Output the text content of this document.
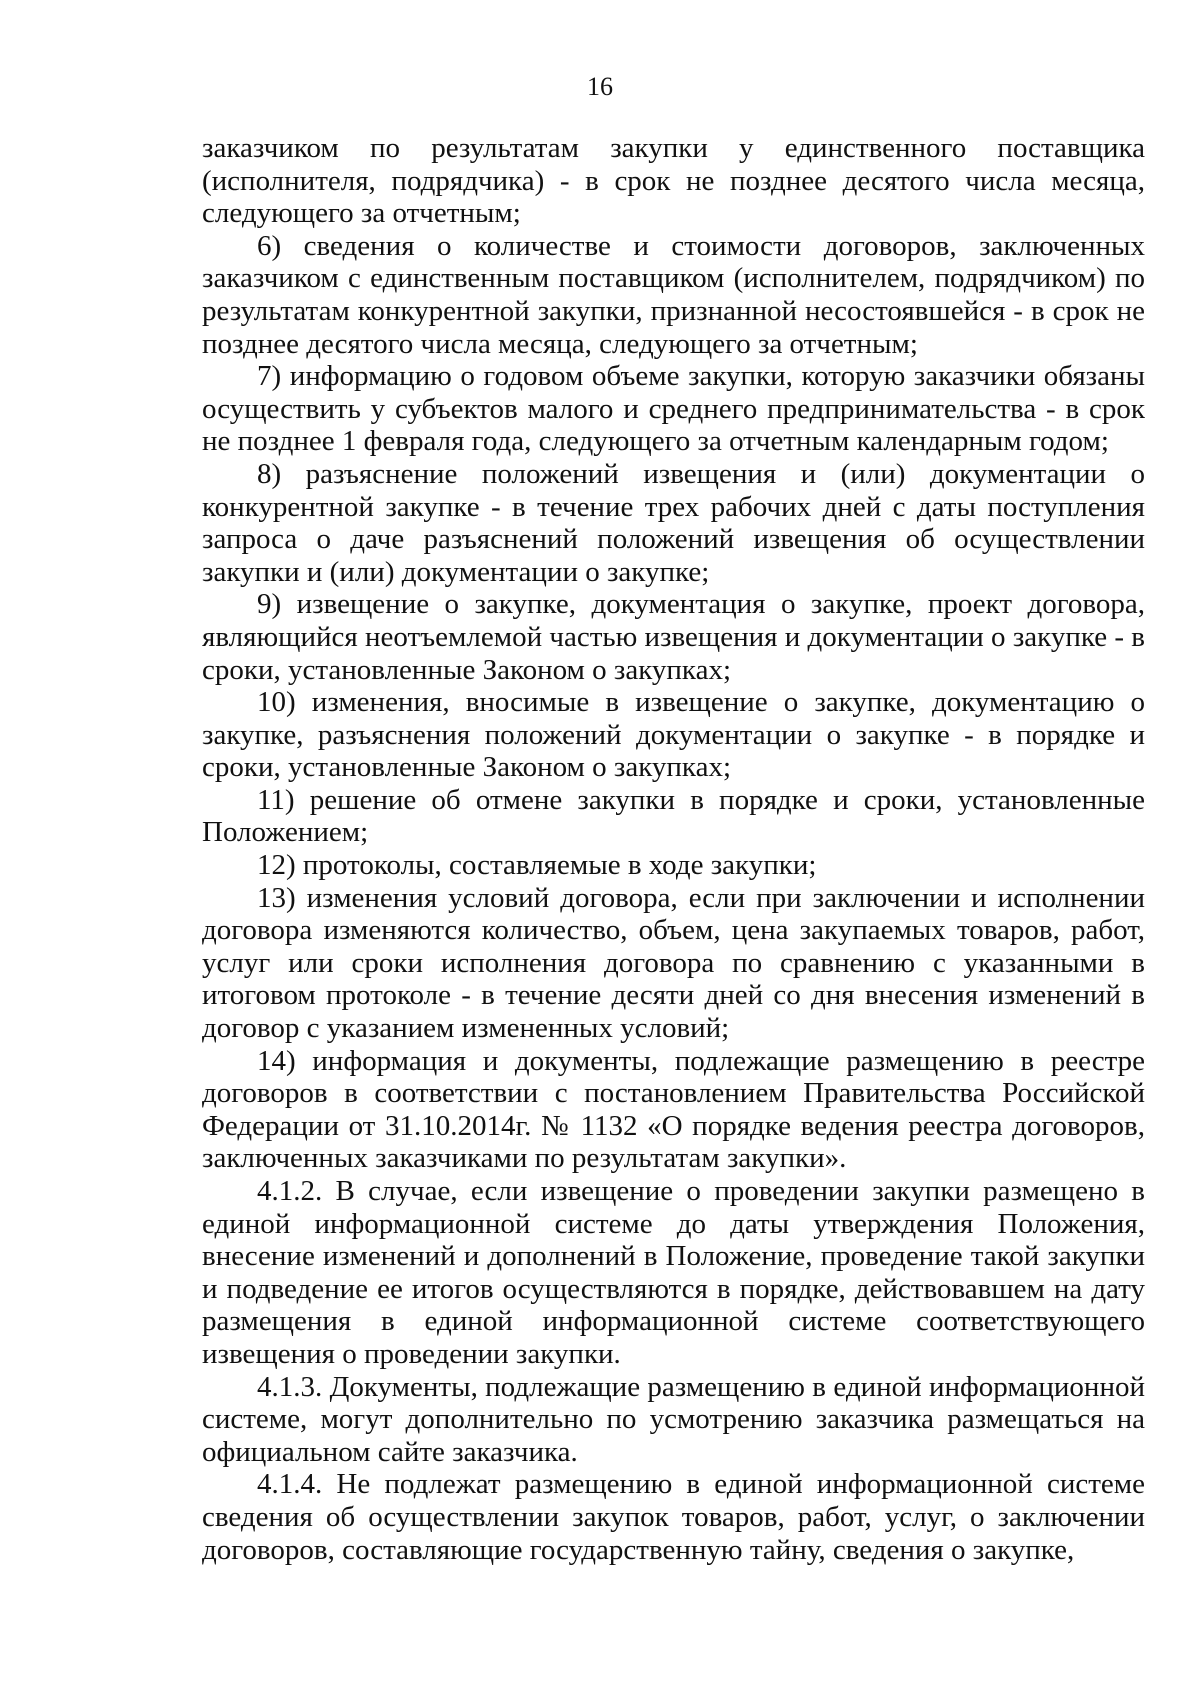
16

заказчиком по результатам закупки у единственного поставщика (исполнителя, подрядчика) - в срок не позднее десятого числа месяца, следующего за отчетным;

6) сведения о количестве и стоимости договоров, заключенных заказчиком с единственным поставщиком (исполнителем, подрядчиком) по результатам конкурентной закупки, признанной несостоявшейся - в срок не позднее десятого числа месяца, следующего за отчетным;

7) информацию о годовом объеме закупки, которую заказчики обязаны осуществить у субъектов малого и среднего предпринимательства - в срок не позднее 1 февраля года, следующего за отчетным календарным годом;

8) разъяснение положений извещения и (или) документации о конкурентной закупке - в течение трех рабочих дней с даты поступления запроса о даче разъяснений положений извещения об осуществлении закупки и (или) документации о закупке;

9) извещение о закупке, документация о закупке, проект договора, являющийся неотъемлемой частью извещения и документации о закупке - в сроки, установленные Законом о закупках;

10) изменения, вносимые в извещение о закупке, документацию о закупке, разъяснения положений документации о закупке - в порядке и сроки, установленные Законом о закупках;

11) решение об отмене закупки в порядке и сроки, установленные Положением;

12) протоколы, составляемые в ходе закупки;

13) изменения условий договора, если при заключении и исполнении договора изменяются количество, объем, цена закупаемых товаров, работ, услуг или сроки исполнения договора по сравнению с указанными в итоговом протоколе - в течение десяти дней со дня внесения изменений в договор с указанием измененных условий;

14) информация и документы, подлежащие размещению в реестре договоров в соответствии с постановлением Правительства Российской Федерации от 31.10.2014г. № 1132 «О порядке ведения реестра договоров, заключенных заказчиками по результатам закупки».

4.1.2. В случае, если извещение о проведении закупки размещено в единой информационной системе до даты утверждения Положения, внесение изменений и дополнений в Положение, проведение такой закупки и подведение ее итогов осуществляются в порядке, действовавшем на дату размещения в единой информационной системе соответствующего извещения о проведении закупки.

4.1.3. Документы, подлежащие размещению в единой информационной системе, могут дополнительно по усмотрению заказчика размещаться на официальном сайте заказчика.

4.1.4. Не подлежат размещению в единой информационной системе сведения об осуществлении закупок товаров, работ, услуг, о заключении договоров, составляющие государственную тайну, сведения о закупке,
